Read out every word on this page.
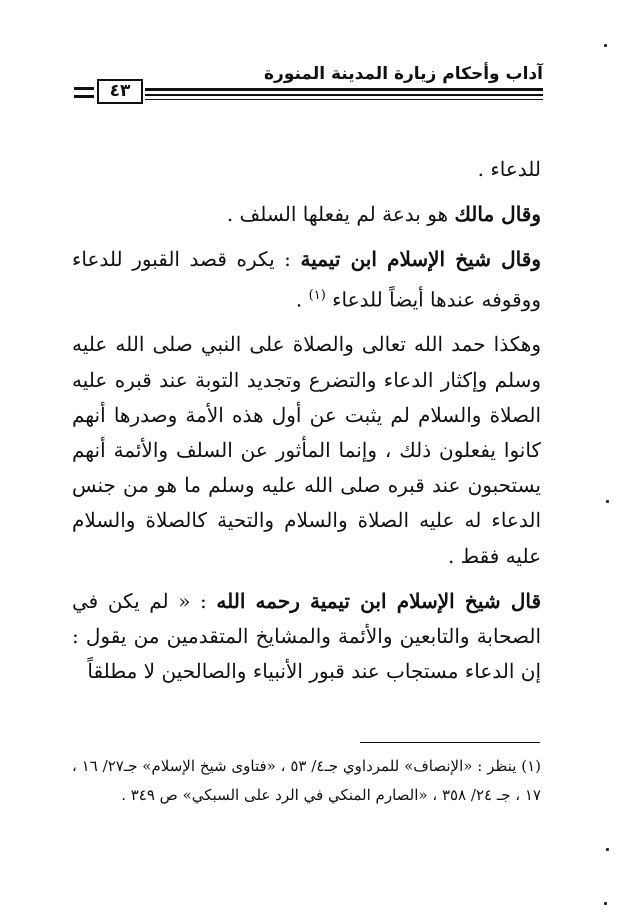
آداب وأحكام زيارة المدينة المنورة
٤٣

للدعاء .

وقال مالك هو بدعة لم يفعلها السلف .

وقال شيخ الإسلام ابن تيمية : يكره قصد القبور للدعاء ووقوفه عندها أيضاً للدعاء $^{(١)}$ .

وهكذا حمد الله تعالى والصلاة على النبي صلى الله عليه وسلم وإكثار الدعاء والتضرع وتجديد التوبة عند قبره عليه الصلاة والسلام لم يثبت عن أول هذه الأمة وصدرها أنهم كانوا يفعلون ذلك ، وإنما المأثور عن السلف والأئمة أنهم يستحبون عند قبره صلى الله عليه وسلم ما هو من جنس الدعاء له عليه الصلاة والسلام والتحية كالصلاة والسلام عليه فقط .

قال شيخ الإسلام ابن تيمية رحمه الله : « لم يكن في الصحابة والتابعين والأئمة والمشايخ المتقدمين من يقول : إن الدعاء مستجاب عند قبور الأنبياء والصالحين لا مطلقاً

(١) ينظر : «الإنصاف» للمرداوي جـ٤/ ٥٣ ، «فتاوى شيخ الإسلام» جـ٢٧/ ١٦ ، ١٧ ، جـ ٢٤/ ٣٥٨ ، «الصارم المنكي في الرد على السبكي» ص ٣٤٩ .
